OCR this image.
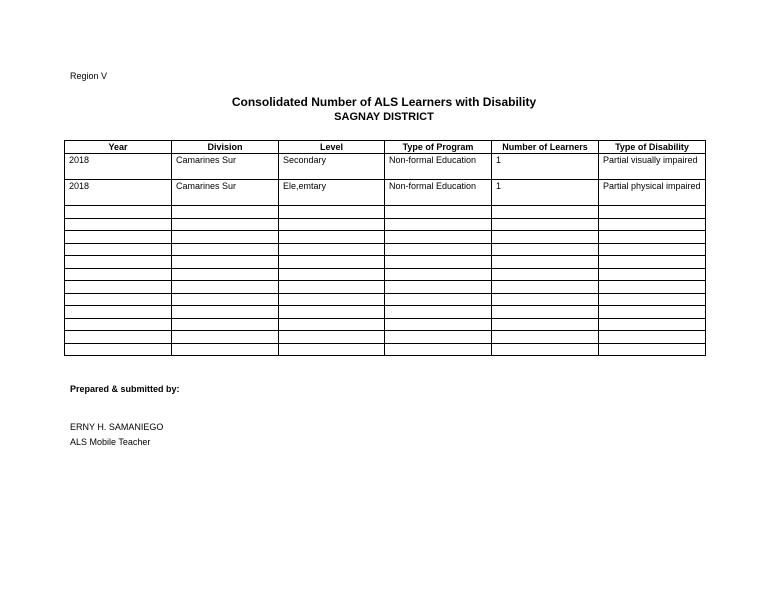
Region V
Consolidated Number of ALS Learners with Disability
SAGNAY DISTRICT
Year	Division	Level	Type of Program	Number of Learners	Type of Disability
2018	Camarines Sur	Secondary	Non-formal Education	1	Partial visually impaired
2018	Camarines Sur	Ele,emtary	Non-formal Education	1	Partial physical impaired

Prepared & submitted by:
ERNY H. SAMANIEGO
ALS Mobile Teacher
